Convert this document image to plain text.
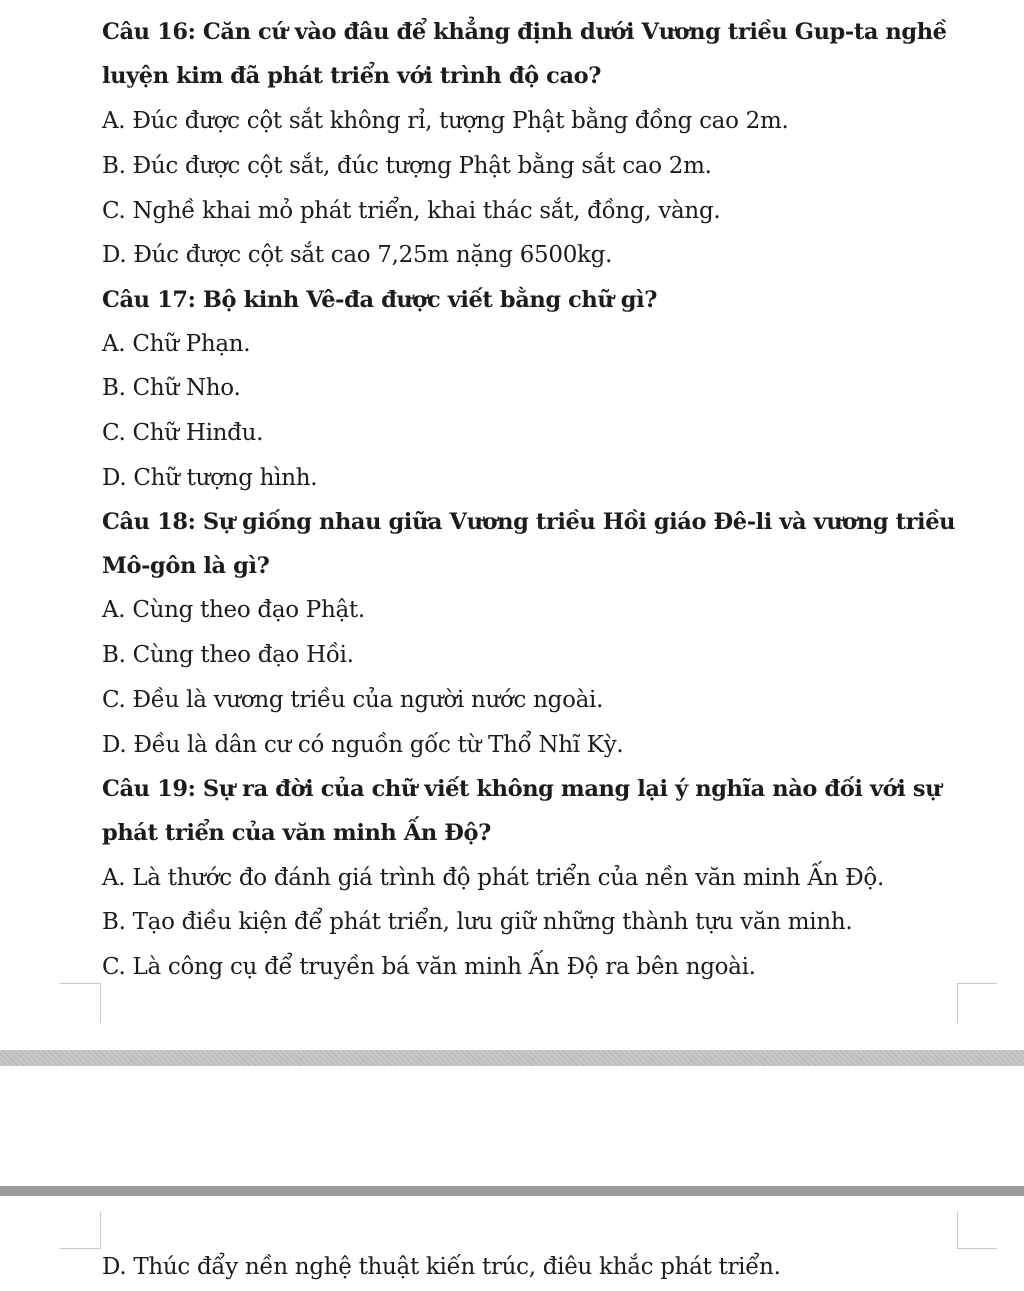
Câu 16: Căn cứ vào đâu để khẳng định dưới Vương triều Gup-ta nghề
luyện kim đã phát triển với trình độ cao?
A. Đúc được cột sắt không rỉ, tượng Phật bằng đồng cao 2m.
B. Đúc được cột sắt, đúc tượng Phật bằng sắt cao 2m.
C. Nghề khai mỏ phát triển, khai thác sắt, đồng, vàng.
D. Đúc được cột sắt cao 7,25m nặng 6500kg.
Câu 17: Bộ kinh Vê-đa được viết bằng chữ gì?
A. Chữ Phạn.
B. Chữ Nho.
C. Chữ Hinđu.
D. Chữ tượng hình.
Câu 18: Sự giống nhau giữa Vương triều Hồi giáo Đê-li và vương triều
Mô-gôn là gì?
A. Cùng theo đạo Phật.
B. Cùng theo đạo Hồi.
C. Đều là vương triều của người nước ngoài.
D. Đều là dân cư có nguồn gốc từ Thổ Nhĩ Kỳ.
Câu 19: Sự ra đời của chữ viết không mang lại ý nghĩa nào đối với sự
phát triển của văn minh Ấn Độ?
A. Là thước đo đánh giá trình độ phát triển của nền văn minh Ấn Độ.
B. Tạo điều kiện để phát triển, lưu giữ những thành tựu văn minh.
C. Là công cụ để truyền bá văn minh Ấn Độ ra bên ngoài.
D. Thúc đẩy nền nghệ thuật kiến trúc, điêu khắc phát triển.
